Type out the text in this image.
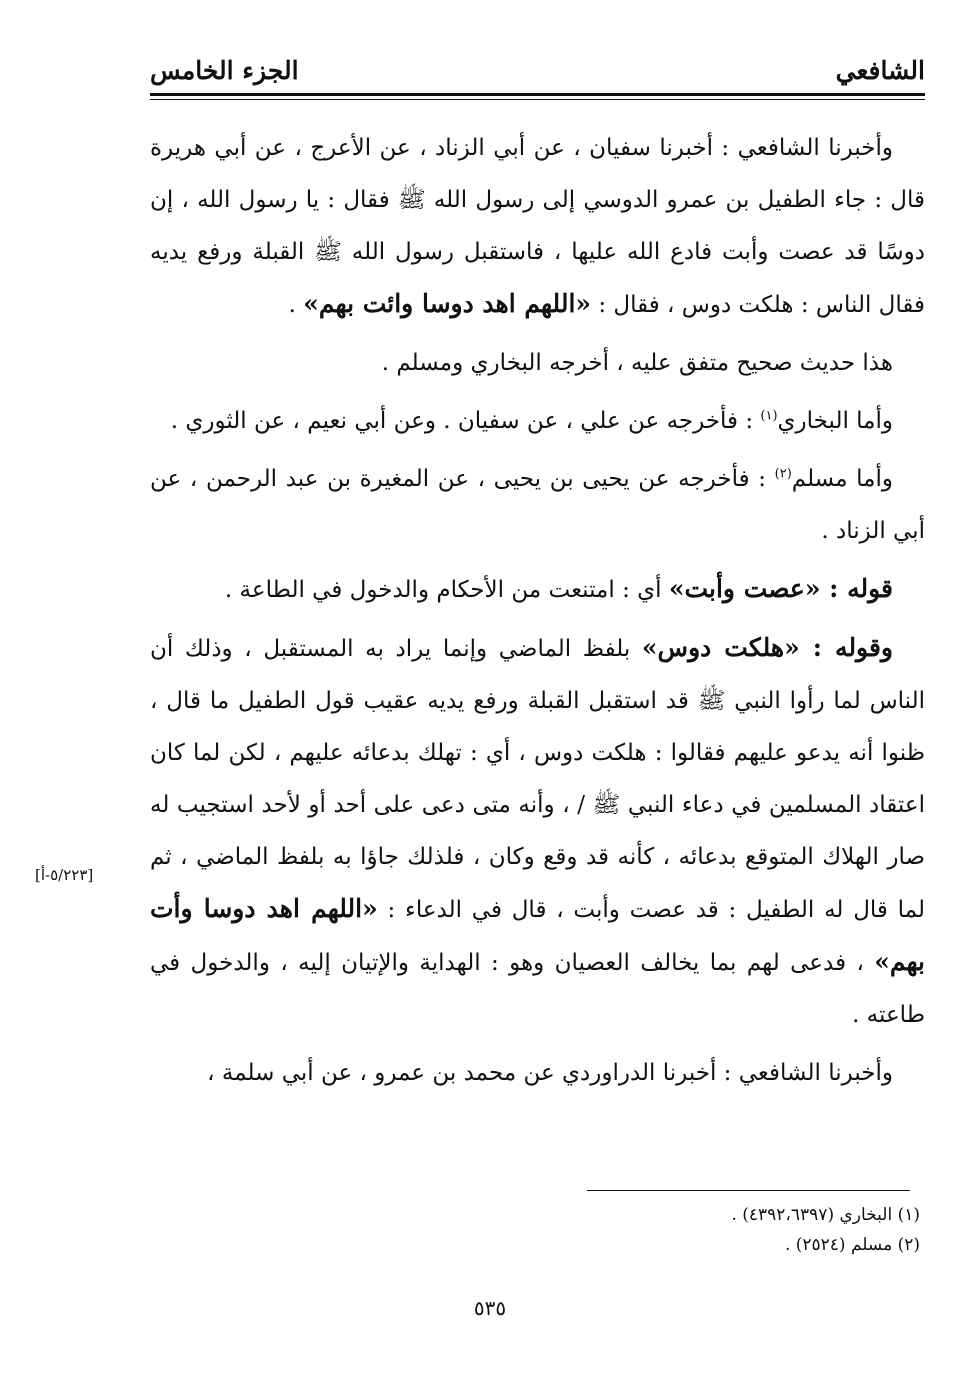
الشافعي
الجزء الخامس

وأخبرنا الشافعي : أخبرنا سفيان ، عن أبي الزناد ، عن الأعرج ، عن أبي هريرة قال : جاء الطفيل بن عمرو الدوسي إلى رسول الله ﷺ فقال : يا رسول الله ، إن دوسًا قد عصت وأبت فادع الله عليها ، فاستقبل رسول الله ﷺ القبلة ورفع يديه فقال الناس : هلكت دوس ، فقال : «اللهم اهد دوسا وائت بهم» .

هذا حديث صحيح متفق عليه ، أخرجه البخاري ومسلم .

وأما البخاري$^{(١)}$ : فأخرجه عن علي ، عن سفيان . وعن أبي نعيم ، عن الثوري .

وأما مسلم$^{(٢)}$ : فأخرجه عن يحيى بن يحيى ، عن المغيرة بن عبد الرحمن ، عن أبي الزناد .

قوله : «عصت وأبت» أي : امتنعت من الأحكام والدخول في الطاعة .

وقوله : «هلكت دوس» بلفظ الماضي وإنما يراد به المستقبل ، وذلك أن الناس لما رأوا النبي ﷺ قد استقبل القبلة ورفع يديه عقيب قول الطفيل ما قال ، ظنوا أنه يدعو عليهم فقالوا : هلكت دوس ، أي : تهلك بدعائه عليهم ، لكن لما كان اعتقاد المسلمين في دعاء النبي ﷺ / ، وأنه متى دعى على أحد أو لأحد استجيب له صار الهلاك المتوقع بدعائه ، كأنه قد وقع وكان ، فلذلك جاؤا به بلفظ الماضي ، ثم لما قال له الطفيل : قد عصت وأبت ، قال في الدعاء : «اللهم اهد دوسا وأت بهم» ، فدعى لهم بما يخالف العصيان وهو : الهداية والإتيان إليه ، والدخول في طاعته .

وأخبرنا الشافعي : أخبرنا الدراوردي عن محمد بن عمرو ، عن أبي سلمة ،

[٥/٢٢٣-أ]
(١) البخاري (٤٣٩٢،٦٣٩٧) .
(٢) مسلم (٢٥٢٤) .
٥٣٥
